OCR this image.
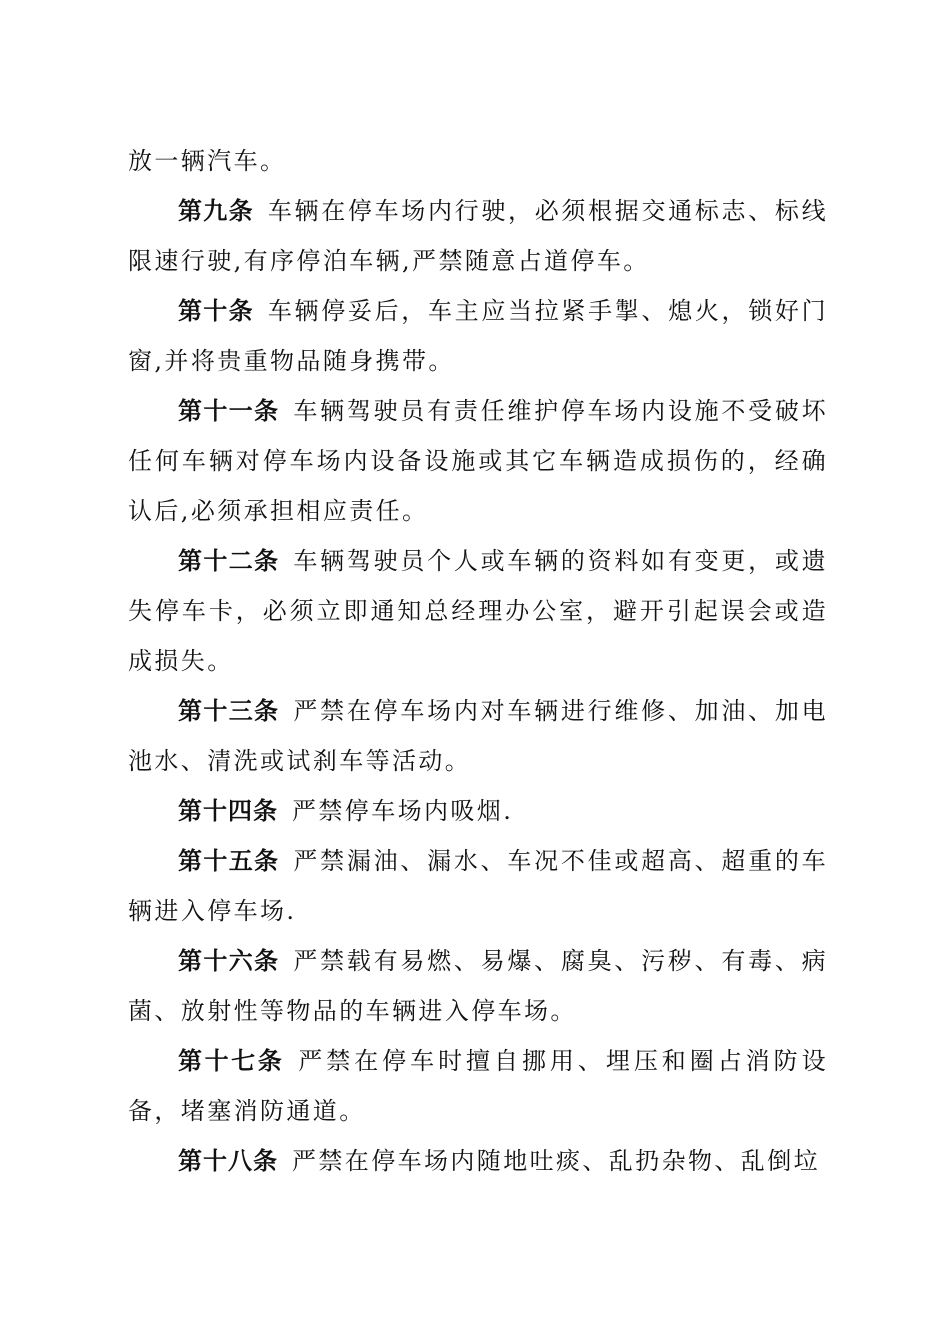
放一辆汽车。

第九条 车辆在停车场内行驶，必须根据交通标志、标线限速行驶,有序停泊车辆,严禁随意占道停车。

第十条 车辆停妥后，车主应当拉紧手掣、熄火，锁好门窗,并将贵重物品随身携带。

第十一条 车辆驾驶员有责任维护停车场内设施不受破坏任何车辆对停车场内设备设施或其它车辆造成损伤的，经确认后,必须承担相应责任。

第十二条 车辆驾驶员个人或车辆的资料如有变更，或遗失停车卡，必须立即通知总经理办公室，避开引起误会或造成损失。

第十三条 严禁在停车场内对车辆进行维修、加油、加电池水、清洗或试刹车等活动。

第十四条 严禁停车场内吸烟.

第十五条 严禁漏油、漏水、车况不佳或超高、超重的车辆进入停车场.

第十六条 严禁载有易燃、易爆、腐臭、污秽、有毒、病菌、放射性等物品的车辆进入停车场。

第十七条 严禁在停车时擅自挪用、埋压和圈占消防设备，堵塞消防通道。

第十八条 严禁在停车场内随地吐痰、乱扔杂物、乱倒垃
